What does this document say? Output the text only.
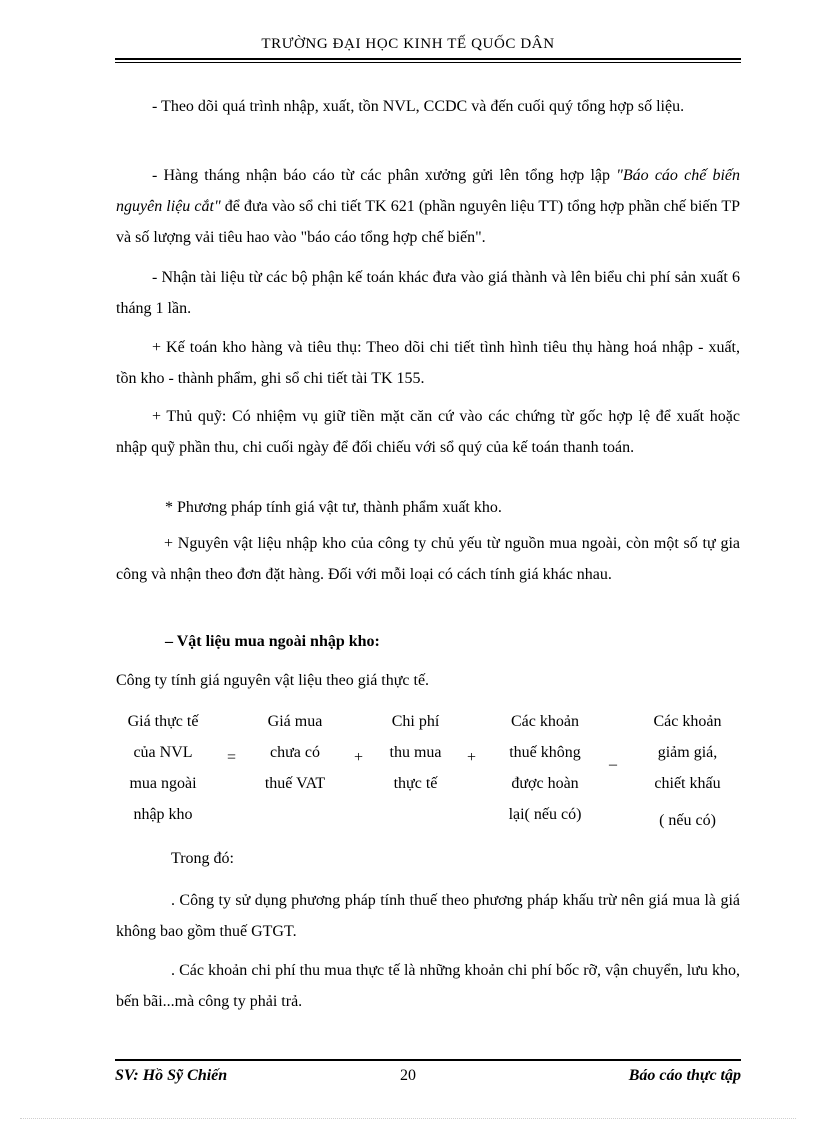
TRƯỜNG ĐẠI HỌC KINH TẾ QUỐC DÂN

- Theo dõi quá trình nhập, xuất, tồn NVL, CCDC và đến cuối quý tổng hợp số liệu.

- Hàng tháng nhận báo cáo từ các phân xưởng gửi lên tổng hợp lập "Báo cáo chế biến nguyên liệu cắt" để đưa vào sổ chi tiết TK 621 (phần nguyên liệu TT) tổng hợp phần chế biến TP và số lượng vải tiêu hao vào "báo cáo tổng hợp chế biến".

- Nhận tài liệu từ các bộ phận kế toán khác đưa vào giá thành và lên biểu chi phí sản xuất 6 tháng 1 lần.

+ Kế toán kho hàng và tiêu thụ: Theo dõi chi tiết tình hình tiêu thụ hàng hoá nhập - xuất, tồn kho - thành phẩm, ghi sổ chi tiết tài TK 155.

+ Thủ quỹ: Có nhiệm vụ giữ tiền mặt căn cứ vào các chứng từ gốc hợp lệ để xuất hoặc nhập quỹ phần thu, chi cuối ngày để đối chiếu với sổ quý của kế toán thanh toán.

* Phương pháp tính giá vật tư, thành phẩm xuất kho.

+ Nguyên vật liệu nhập kho của công ty chủ yếu từ nguồn mua ngoài, còn một số tự gia công và nhận theo đơn đặt hàng. Đối với mỗi loại có cách tính giá khác nhau.

– Vật liệu mua ngoài nhập kho:

Công ty tính giá nguyên vật liệu theo giá thực tế.

Giá thực tế
của NVL
mua ngoài
nhập kho
=
Giá mua
chưa có
thuế VAT
+
Chi phí
thu mua
thực tế
+
Các khoản
thuế không
được hoàn
lại( nếu có)
–
Các khoản
giảm giá,
chiết khấu
( nếu có)

Trong đó:

. Công ty sử dụng phương pháp tính thuế theo phương pháp khấu trừ nên giá mua là giá không bao gồm thuế GTGT.

. Các khoản chi phí thu mua thực tế là những khoản chi phí bốc rỡ, vận chuyển, lưu kho, bến bãi...mà công ty phải trả.

SV: Hồ Sỹ Chiến	20	Báo cáo thực tập
